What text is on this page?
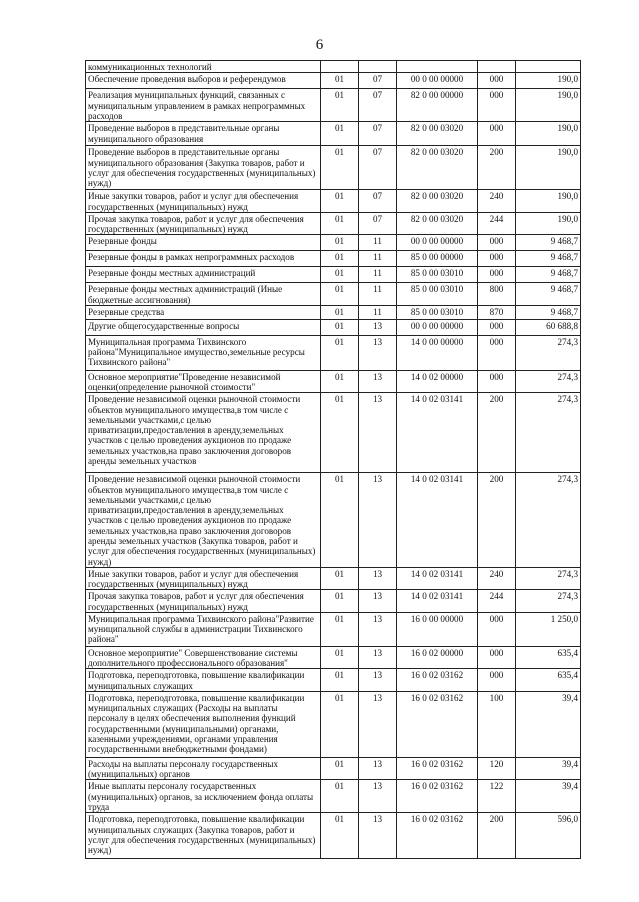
6
коммуникационных технологий					
Обеспечение проведения выборов и референдумов	01	07	00 0 00 00000	000	190,0
Реализация муниципальных функций, связанных с муниципальным управлением в рамках непрограммных расходов	01	07	82 0 00 00000	000	190,0
Проведение выборов в представительные органы муниципального образования	01	07	82 0 00 03020	000	190,0
Проведение выборов в представительные органы муниципального образования (Закупка товаров, работ и услуг для обеспечения государственных (муниципальных) нужд)	01	07	82 0 00 03020	200	190,0
Иные закупки товаров, работ и услуг для обеспечения государственных (муниципальных) нужд	01	07	82 0 00 03020	240	190,0
Прочая закупка товаров, работ и услуг для обеспечения государственных (муниципальных) нужд	01	07	82 0 00 03020	244	190,0
Резервные фонды	01	11	00 0 00 00000	000	9 468,7
Резервные фонды в рамках непрограммных расходов	01	11	85 0 00 00000	000	9 468,7
Резервные фонды местных администраций	01	11	85 0 00 03010	000	9 468,7
Резервные фонды местных администраций (Иные бюджетные ассигнования)	01	11	85 0 00 03010	800	9 468,7
Резервные средства	01	11	85 0 00 03010	870	9 468,7
Другие общегосударственные вопросы	01	13	00 0 00 00000	000	60 688,8
Муниципальная программа Тихвинского района"Муниципальное имущество,земельные ресурсы Тихвинского района"	01	13	14 0 00 00000	000	274,3
Основное мероприятие"Проведение независимой оценки(определение рыночной стоимости"	01	13	14 0 02 00000	000	274,3
Проведение независимой оценки рыночной стоимости объектов муниципального имущества,в том числе с земельными участками,с целью приватизации,предоставления в аренду,земельных участков с целью проведения аукционов по продаже земельных участков,на право заключения договоров аренды земельных участков	01	13	14 0 02 03141	200	274,3
Проведение независимой оценки рыночной стоимости объектов муниципального имущества,в том числе с земельными участками,с целью приватизации,предоставления в аренду,земельных участков с целью проведения аукционов по продаже земельных участков,на право заключения договоров аренды земельных участков (Закупка товаров, работ и услуг для обеспечения государственных (муниципальных) нужд)	01	13	14 0 02 03141	200	274,3
Иные закупки товаров, работ и услуг для обеспечения государственных (муниципальных) нужд	01	13	14 0 02 03141	240	274,3
Прочая закупка товаров, работ и услуг для обеспечения государственных (муниципальных) нужд	01	13	14 0 02 03141	244	274,3
Муниципальная программа Тихвинского района"Развитие муниципальной службы в администрации Тихвинского района"	01	13	16 0 00 00000	000	1 250,0
Основное мероприятие" Совершенствование системы дополнительного профессионального образования"	01	13	16 0 02 00000	000	635,4
Подготовка, переподготовка, повышение квалификации муниципальных служащих	01	13	16 0 02 03162	000	635,4
Подготовка, переподготовка, повышение квалификации муниципальных служащих (Расходы на выплаты персоналу в целях обеспечения выполнения функций государственными (муниципальными) органами, казенными учреждениями, органами управления государственными внебюджетными фондами)	01	13	16 0 02 03162	100	39,4
Расходы на выплаты персоналу государственных (муниципальных) органов	01	13	16 0 02 03162	120	39,4
Иные выплаты персоналу государственных (муниципальных) органов, за исключением фонда оплаты труда	01	13	16 0 02 03162	122	39,4
Подготовка, переподготовка, повышение квалификации муниципальных служащих (Закупка товаров, работ и услуг для обеспечения государственных (муниципальных) нужд)	01	13	16 0 02 03162	200	596,0
